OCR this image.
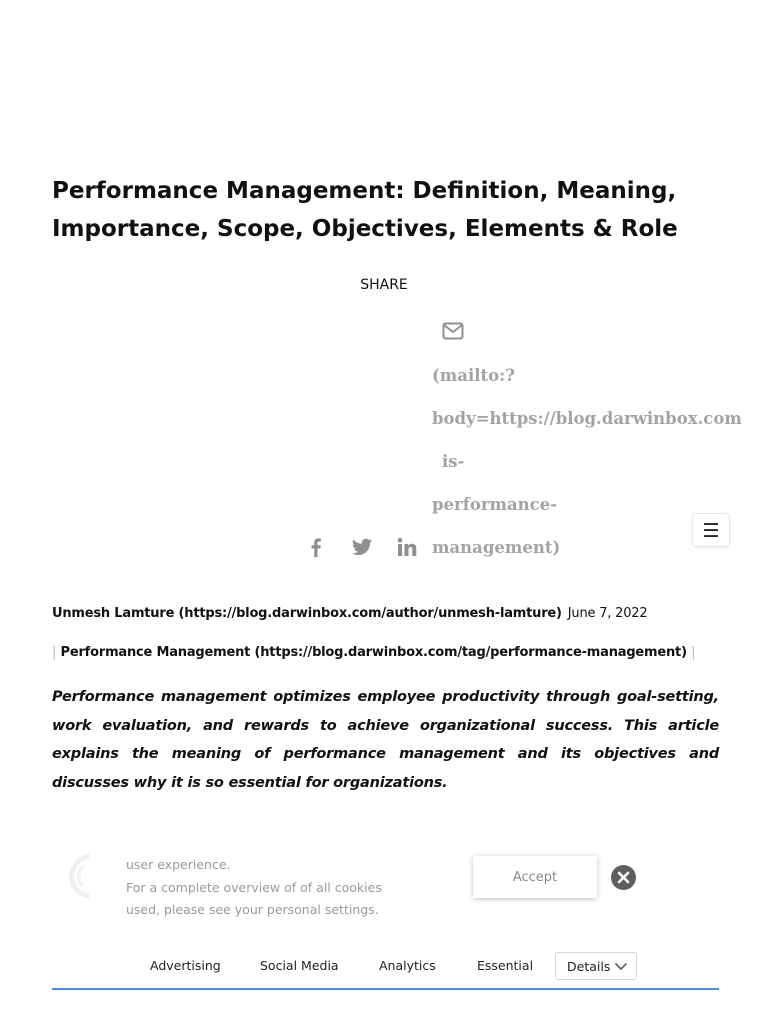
Performance Management: Definition, Meaning, Importance, Scope, Objectives, Elements & Role
SHARE
(mailto:?
body=https://blog.darwinbox.com
is-
performance-
management)
☰
Unmesh Lamture (https://blog.darwinbox.com/author/unmesh-lamture) June 7, 2022
| Performance Management (https://blog.darwinbox.com/tag/performance-management) |

Performance management optimizes employee productivity through goal-setting, work evaluation, and rewards to achieve organizational success. This article explains the meaning of performance management and its objectives and discusses why it is so essential for organizations.

user experience.
For a complete overview of of all cookies
used, please see your personal settings.
Accept
Advertising	Social Media	Analytics	Essential	Details
